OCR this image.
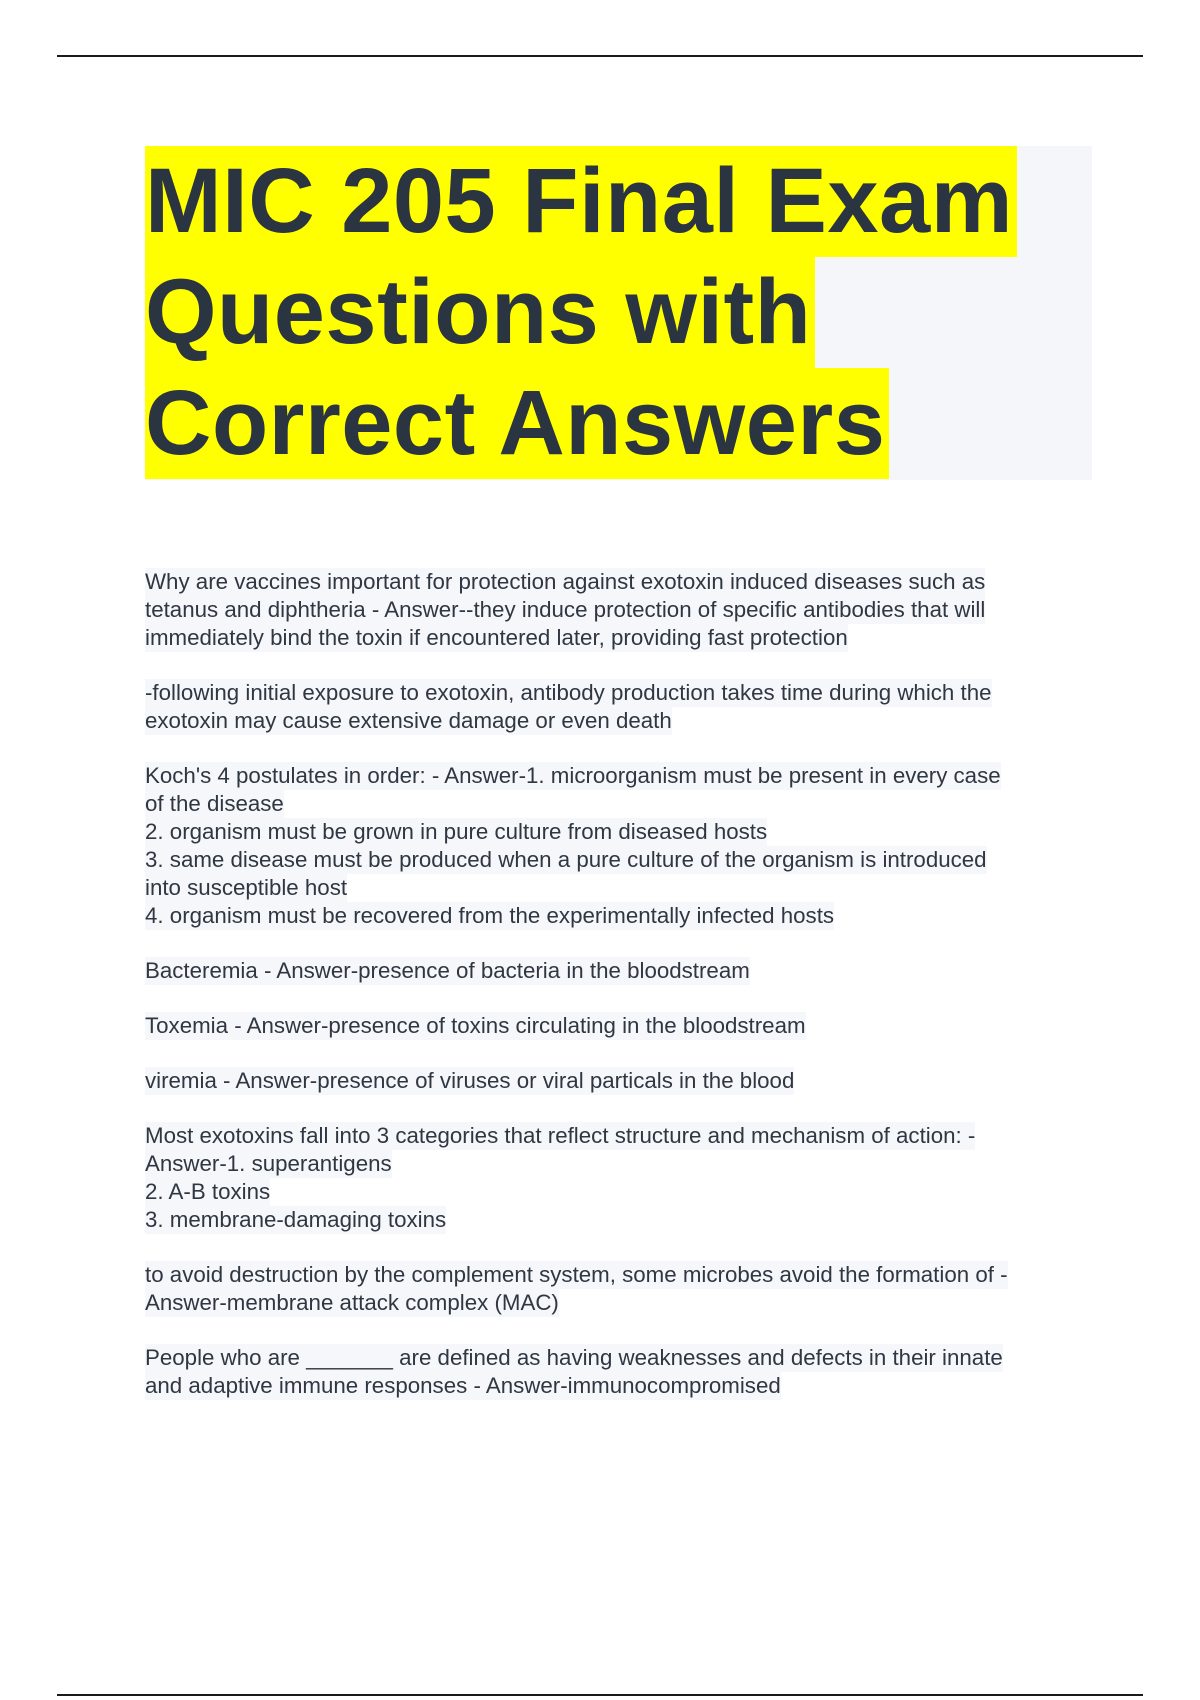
MIC 205 Final Exam
Questions with
Correct Answers
Why are vaccines important for protection against exotoxin induced diseases such as
tetanus and diphtheria - Answer--they induce protection of specific antibodies that will
immediately bind the toxin if encountered later, providing fast protection
-following initial exposure to exotoxin, antibody production takes time during which the
exotoxin may cause extensive damage or even death
Koch's 4 postulates in order: - Answer-1. microorganism must be present in every case
of the disease
2. organism must be grown in pure culture from diseased hosts
3. same disease must be produced when a pure culture of the organism is introduced
into susceptible host
4. organism must be recovered from the experimentally infected hosts
Bacteremia - Answer-presence of bacteria in the bloodstream
Toxemia - Answer-presence of toxins circulating in the bloodstream
viremia - Answer-presence of viruses or viral particals in the blood
Most exotoxins fall into 3 categories that reflect structure and mechanism of action: -
Answer-1. superantigens
2. A-B toxins
3. membrane-damaging toxins
to avoid destruction by the complement system, some microbes avoid the formation of -
Answer-membrane attack complex (MAC)
People who are _______ are defined as having weaknesses and defects in their innate
and adaptive immune responses - Answer-immunocompromised
